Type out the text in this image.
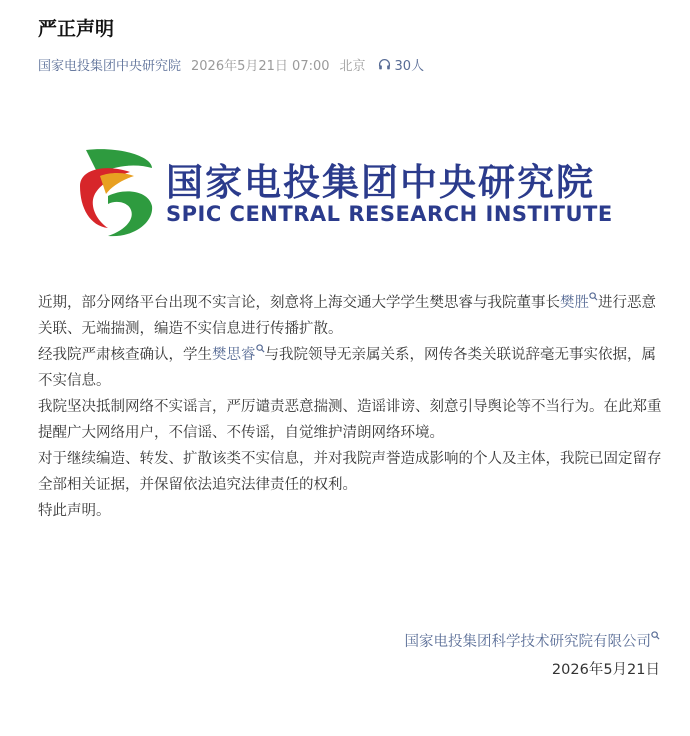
严正声明
国家电投集团中央研究院 2026年5月21日 07:00 北京 30人
国家电投集团中央研究院
SPIC CENTRAL RESEARCH INSTITUTE

近期，部分网络平台出现不实言论，刻意将上海交通大学学生樊思睿与我院董事长樊胜 进行恶意关联、无端揣测，编造不实信息进行传播扩散。

经我院严肃核查确认，学生樊思睿 与我院领导无亲属关系，网传各类关联说辞毫无事实依据，属不实信息。

我院坚决抵制网络不实谣言，严厉谴责恶意揣测、造谣诽谤、刻意引导舆论等不当行为。在此郑重提醒广大网络用户，不信谣、不传谣，自觉维护清朗网络环境。

对于继续编造、转发、扩散该类不实信息，并对我院声誉造成影响的个人及主体，我院已固定留存全部相关证据，并保留依法追究法律责任的权利。

特此声明。

国家电投集团科学技术研究院有限公司
2026年5月21日
